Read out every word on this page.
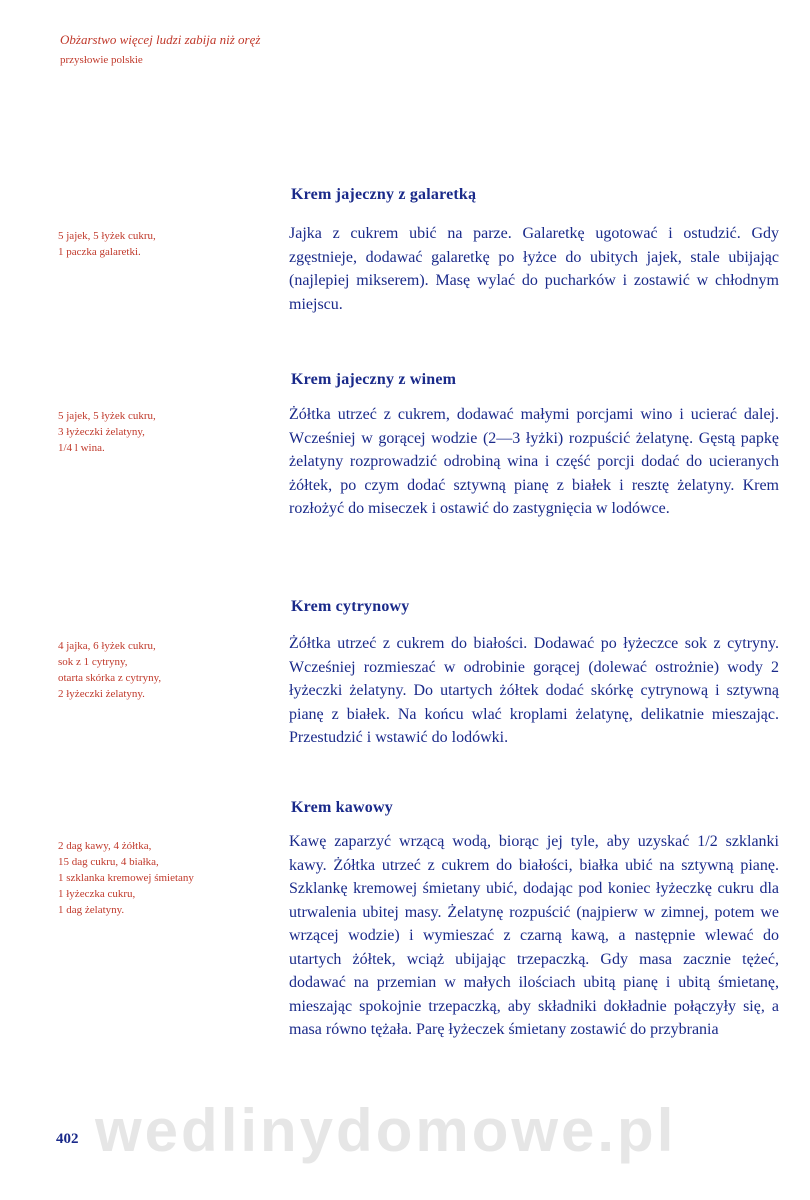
Obżarstwo więcej ludzi zabija niż oręż
przysłowie polskie
Krem jajeczny z galaretką
5 jajek, 5 łyżek cukru,
1 paczka galaretki.
Jajka z cukrem ubić na parze. Galaretkę ugotować i ostudzić. Gdy zgęstnieje, dodawać galaretkę po łyżce do ubitych jajek, stale ubijając (najlepiej mikserem). Masę wylać do pucharków i zostawić w chłodnym miejscu.
Krem jajeczny z winem
5 jajek, 5 łyżek cukru,
3 łyżeczki żelatyny,
1/4 l wina.
Żółtka utrzeć z cukrem, dodawać małymi porcjami wino i ucierać dalej. Wcześniej w gorącej wodzie (2—3 łyżki) rozpuścić żelatynę. Gęstą papkę żelatyny rozprowadzić odrobiną wina i część porcji dodać do ucieranych żółtek, po czym dodać sztywną pianę z białek i resztę żelatyny. Krem rozłożyć do miseczek i ostawić do zastygnięcia w lodówce.
Krem cytrynowy
4 jajka, 6 łyżek cukru,
sok z 1 cytryny,
otarta skórka z cytryny,
2 łyżeczki żelatyny.
Żółtka utrzeć z cukrem do białości. Dodawać po łyżeczce sok z cytryny. Wcześniej rozmieszać w odrobinie gorącej (dolewać ostrożnie) wody 2 łyżeczki żelatyny. Do utartych żółtek dodać skórkę cytrynową i sztywną pianę z białek. Na końcu wlać kroplami żelatynę, delikatnie mieszając. Przestudzić i wstawić do lodówki.
Krem kawowy
2 dag kawy, 4 żółtka,
15 dag cukru, 4 białka,
1 szklanka kremowej śmietany
1 łyżeczka cukru,
1 dag żelatyny.
Kawę zaparzyć wrzącą wodą, biorąc jej tyle, aby uzyskać 1/2 szklanki kawy. Żółtka utrzeć z cukrem do białości, białka ubić na sztywną pianę. Szklankę kremowej śmietany ubić, dodając pod koniec łyżeczkę cukru dla utrwalenia ubitej masy. Żelatynę rozpuścić (najpierw w zimnej, potem we wrzącej wodzie) i wymieszać z czarną kawą, a następnie wlewać do utartych żółtek, wciąż ubijając trzepaczką. Gdy masa zacznie tężeć, dodawać na przemian w małych ilościach ubitą pianę i ubitą śmietanę, mieszając spokojnie trzepaczką, aby składniki dokładnie połączyły się, a masa równo tężała. Parę łyżeczek śmietany zostawić do przybrania
wedlinydomowe.pl
402
